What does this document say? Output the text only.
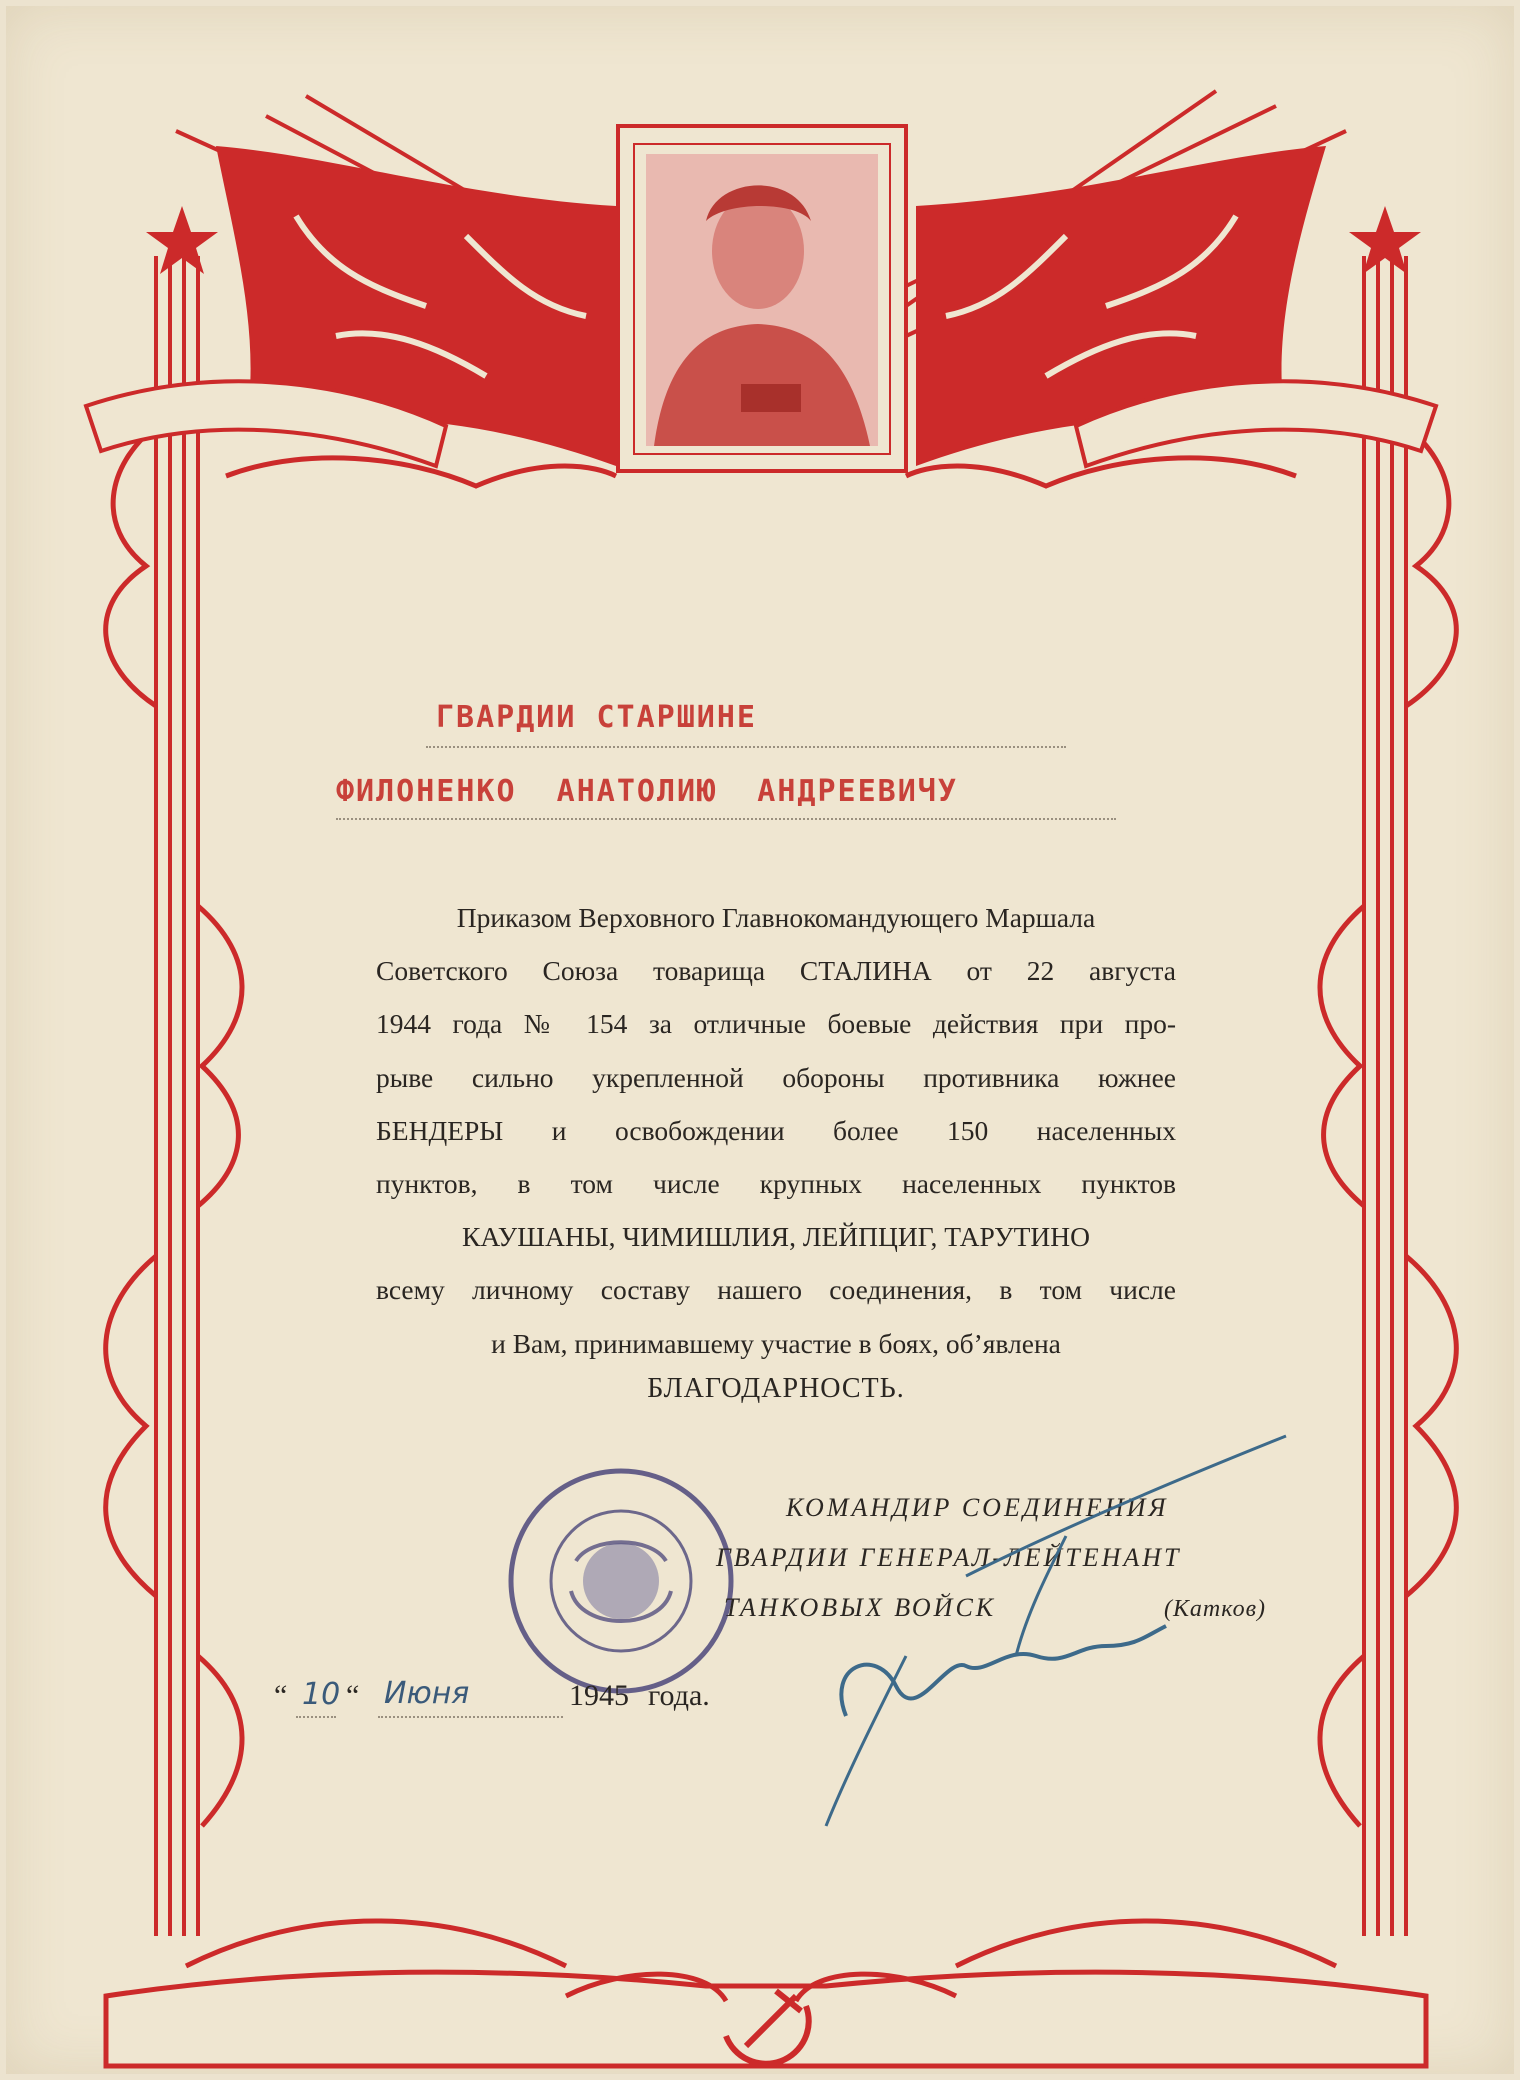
ГВАРДИИ СТАРШИНЕ
ФИЛОНЕНКО  АНАТОЛИЮ  АНДРЕЕВИЧУ
Приказом Верховного Главнокомандующего Маршала
Советского Союза товарища СТАЛИНА от 22 августа
1944 года № 154 за отличные боевые действия при про-
рыве сильно укрепленной обороны противника южнее
БЕНДЕРЫ и освобождении более 150 населенных
пунктов, в том числе крупных населенных пунктов
КАУШАНЫ, ЧИМИШЛИЯ, ЛЕЙПЦИГ, ТАРУТИНО
всему личному составу нашего соединения, в том числе
и Вам, принимавшему участие в боях, об’явлена
БЛАГОДАРНОСТЬ.
КОМАНДИР СОЕДИНЕНИЯ
ГВАРДИИ ГЕНЕРАЛ-ЛЕЙТЕНАНТ
ТАНКОВЫХ ВОЙСК	(Катков)
“ 10 “ Июня	1945 года.
